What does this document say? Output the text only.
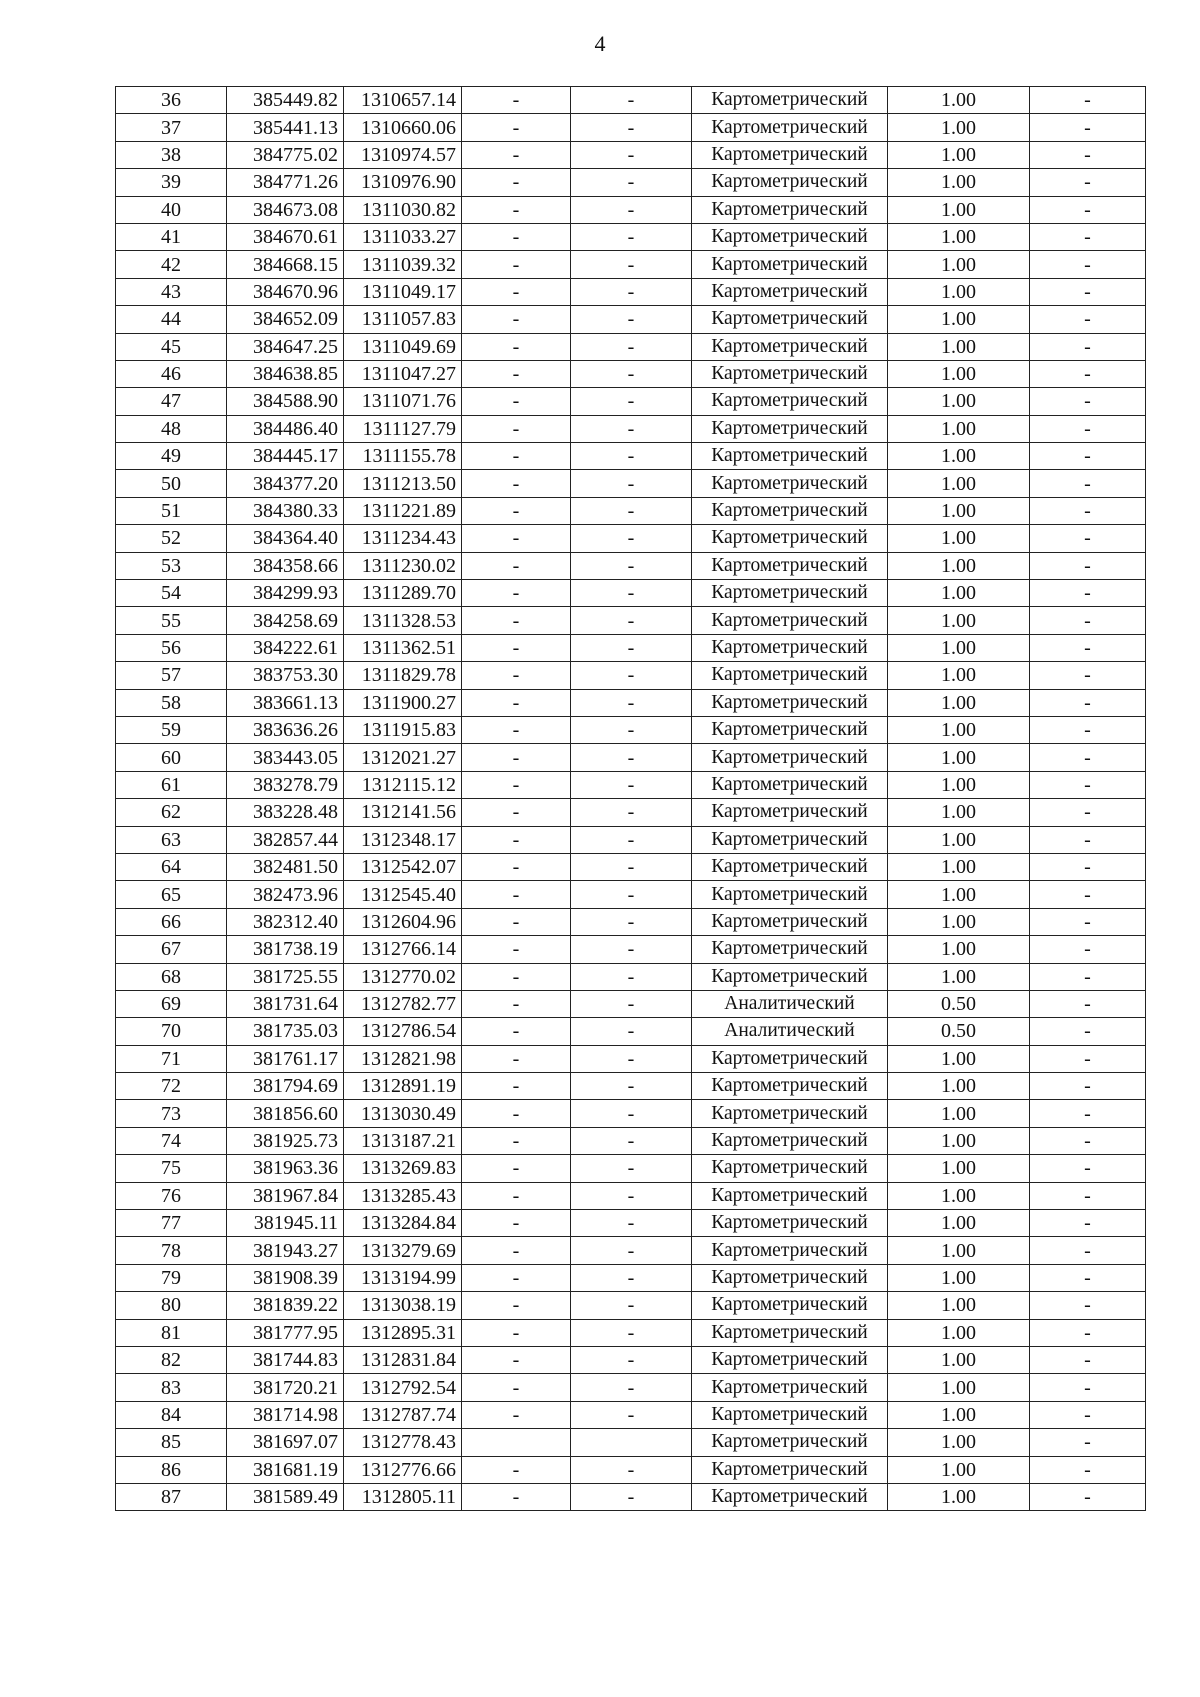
4
36	385449.82	1310657.14	-	-	Картометрический	1.00	-
37	385441.13	1310660.06	-	-	Картометрический	1.00	-
38	384775.02	1310974.57	-	-	Картометрический	1.00	-
39	384771.26	1310976.90	-	-	Картометрический	1.00	-
40	384673.08	1311030.82	-	-	Картометрический	1.00	-
41	384670.61	1311033.27	-	-	Картометрический	1.00	-
42	384668.15	1311039.32	-	-	Картометрический	1.00	-
43	384670.96	1311049.17	-	-	Картометрический	1.00	-
44	384652.09	1311057.83	-	-	Картометрический	1.00	-
45	384647.25	1311049.69	-	-	Картометрический	1.00	-
46	384638.85	1311047.27	-	-	Картометрический	1.00	-
47	384588.90	1311071.76	-	-	Картометрический	1.00	-
48	384486.40	1311127.79	-	-	Картометрический	1.00	-
49	384445.17	1311155.78	-	-	Картометрический	1.00	-
50	384377.20	1311213.50	-	-	Картометрический	1.00	-
51	384380.33	1311221.89	-	-	Картометрический	1.00	-
52	384364.40	1311234.43	-	-	Картометрический	1.00	-
53	384358.66	1311230.02	-	-	Картометрический	1.00	-
54	384299.93	1311289.70	-	-	Картометрический	1.00	-
55	384258.69	1311328.53	-	-	Картометрический	1.00	-
56	384222.61	1311362.51	-	-	Картометрический	1.00	-
57	383753.30	1311829.78	-	-	Картометрический	1.00	-
58	383661.13	1311900.27	-	-	Картометрический	1.00	-
59	383636.26	1311915.83	-	-	Картометрический	1.00	-
60	383443.05	1312021.27	-	-	Картометрический	1.00	-
61	383278.79	1312115.12	-	-	Картометрический	1.00	-
62	383228.48	1312141.56	-	-	Картометрический	1.00	-
63	382857.44	1312348.17	-	-	Картометрический	1.00	-
64	382481.50	1312542.07	-	-	Картометрический	1.00	-
65	382473.96	1312545.40	-	-	Картометрический	1.00	-
66	382312.40	1312604.96	-	-	Картометрический	1.00	-
67	381738.19	1312766.14	-	-	Картометрический	1.00	-
68	381725.55	1312770.02	-	-	Картометрический	1.00	-
69	381731.64	1312782.77	-	-	Аналитический	0.50	-
70	381735.03	1312786.54	-	-	Аналитический	0.50	-
71	381761.17	1312821.98	-	-	Картометрический	1.00	-
72	381794.69	1312891.19	-	-	Картометрический	1.00	-
73	381856.60	1313030.49	-	-	Картометрический	1.00	-
74	381925.73	1313187.21	-	-	Картометрический	1.00	-
75	381963.36	1313269.83	-	-	Картометрический	1.00	-
76	381967.84	1313285.43	-	-	Картометрический	1.00	-
77	381945.11	1313284.84	-	-	Картометрический	1.00	-
78	381943.27	1313279.69	-	-	Картометрический	1.00	-
79	381908.39	1313194.99	-	-	Картометрический	1.00	-
80	381839.22	1313038.19	-	-	Картометрический	1.00	-
81	381777.95	1312895.31	-	-	Картометрический	1.00	-
82	381744.83	1312831.84	-	-	Картометрический	1.00	-
83	381720.21	1312792.54	-	-	Картометрический	1.00	-
84	381714.98	1312787.74	-	-	Картометрический	1.00	-
85	381697.07	1312778.43			Картометрический	1.00	-
86	381681.19	1312776.66	-	-	Картометрический	1.00	-
87	381589.49	1312805.11	-	-	Картометрический	1.00	-
